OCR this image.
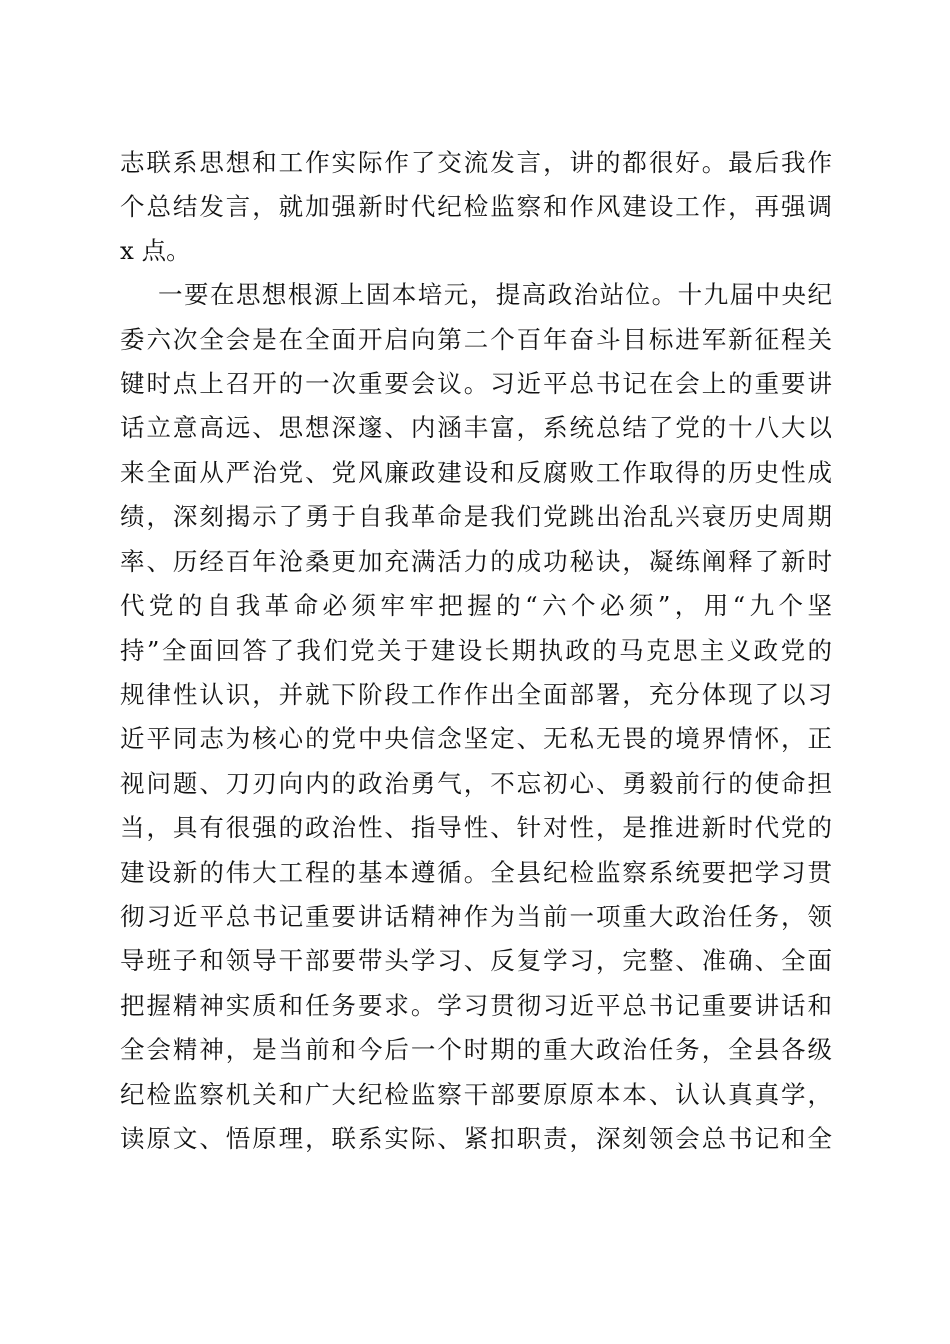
志联系思想和工作实际作了交流发言，讲的都很好。最后我作
个总结发言，就加强新时代纪检监察和作风建设工作，再强调
x 点。
一要在思想根源上固本培元，提高政治站位。十九届中央纪
委六次全会是在全面开启向第二个百年奋斗目标进军新征程关
键时点上召开的一次重要会议。习近平总书记在会上的重要讲
话立意高远、思想深邃、内涵丰富，系统总结了党的十八大以
来全面从严治党、党风廉政建设和反腐败工作取得的历史性成
绩，深刻揭示了勇于自我革命是我们党跳出治乱兴衰历史周期
率、历经百年沧桑更加充满活力的成功秘诀，凝练阐释了新时
代党的自我革命必须牢牢把握的“六个必须”，用“九个坚
持”全面回答了我们党关于建设长期执政的马克思主义政党的
规律性认识，并就下阶段工作作出全面部署，充分体现了以习
近平同志为核心的党中央信念坚定、无私无畏的境界情怀，正
视问题、刀刃向内的政治勇气，不忘初心、勇毅前行的使命担
当，具有很强的政治性、指导性、针对性，是推进新时代党的
建设新的伟大工程的基本遵循。全县纪检监察系统要把学习贯
彻习近平总书记重要讲话精神作为当前一项重大政治任务，领
导班子和领导干部要带头学习、反复学习，完整、准确、全面
把握精神实质和任务要求。学习贯彻习近平总书记重要讲话和
全会精神，是当前和今后一个时期的重大政治任务，全县各级
纪检监察机关和广大纪检监察干部要原原本本、认认真真学，
读原文、悟原理，联系实际、紧扣职责，深刻领会总书记和全
